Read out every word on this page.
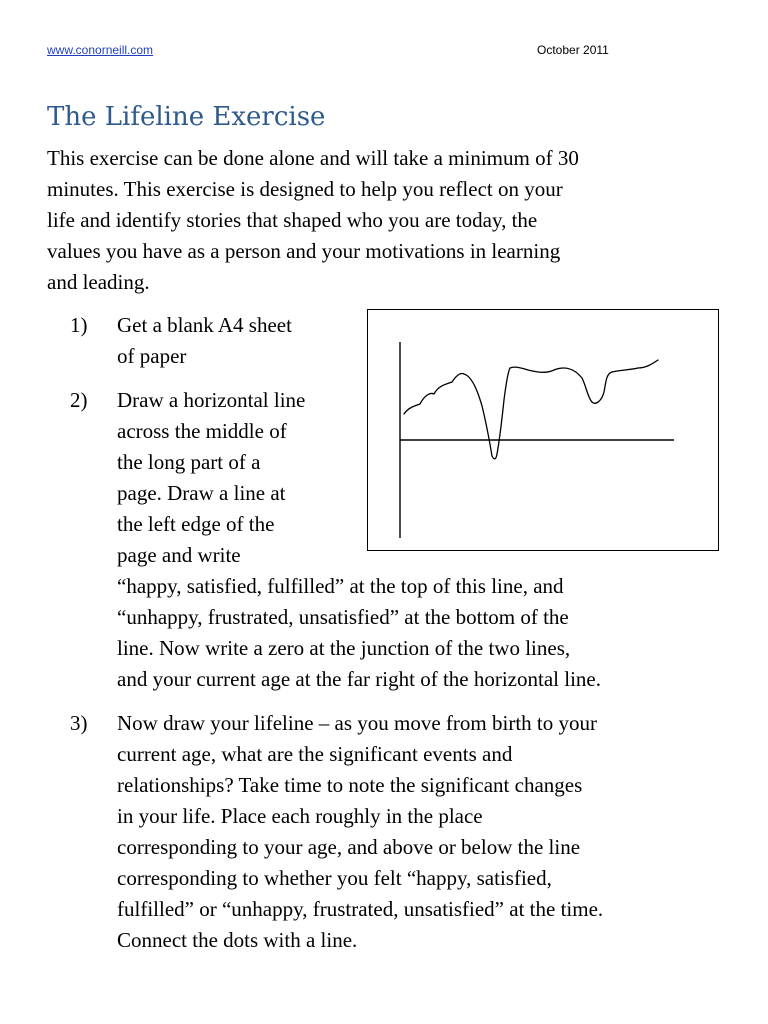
www.conorneill.com	October 2011
The Lifeline Exercise
This exercise can be done alone and will take a minimum of 30
minutes. This exercise is designed to help you reflect on your
life and identify stories that shaped who you are today, the
values you have as a person and your motivations in learning
and leading.
1) Get a blank A4 sheet
of paper
2) Draw a horizontal line
across the middle of
the long part of a
page. Draw a line at
the left edge of the
page and write
“happy, satisfied, fulfilled” at the top of this line, and
“unhappy, frustrated, unsatisfied” at the bottom of the
line. Now write a zero at the junction of the two lines,
and your current age at the far right of the horizontal line.
3) Now draw your lifeline – as you move from birth to your
current age, what are the significant events and
relationships? Take time to note the significant changes
in your life. Place each roughly in the place
corresponding to your age, and above or below the line
corresponding to whether you felt “happy, satisfied,
fulfilled” or “unhappy, frustrated, unsatisfied” at the time.
Connect the dots with a line.
